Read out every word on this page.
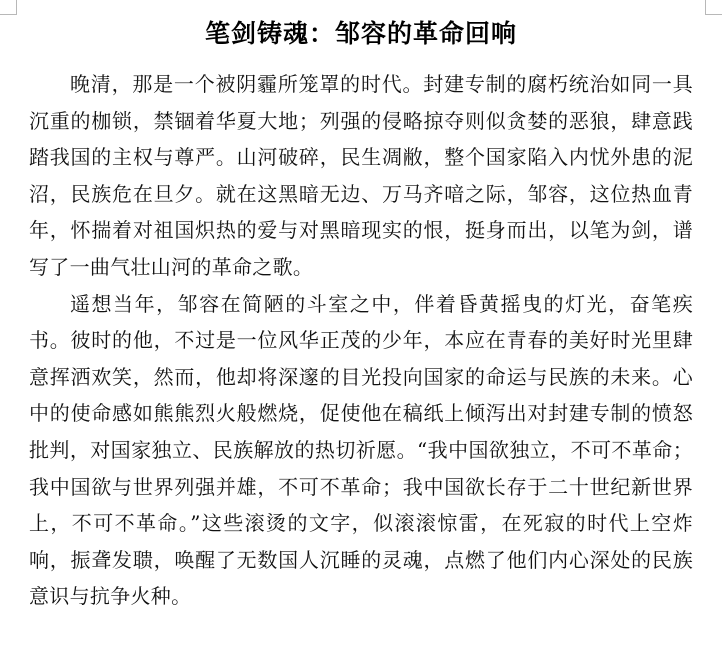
笔剑铸魂：邹容的革命回响

晚清，那是一个被阴霾所笼罩的时代。封建专制的腐朽统治如同一具沉重的枷锁，禁锢着华夏大地；列强的侵略掠夺则似贪婪的恶狼，肆意践踏我国的主权与尊严。山河破碎，民生凋敝，整个国家陷入内忧外患的泥沼，民族危在旦夕。就在这黑暗无边、万马齐喑之际，邹容，这位热血青年，怀揣着对祖国炽热的爱与对黑暗现实的恨，挺身而出，以笔为剑，谱写了一曲气壮山河的革命之歌。

遥想当年，邹容在简陋的斗室之中，伴着昏黄摇曳的灯光，奋笔疾书。彼时的他，不过是一位风华正茂的少年，本应在青春的美好时光里肆意挥洒欢笑，然而，他却将深邃的目光投向国家的命运与民族的未来。心中的使命感如熊熊烈火般燃烧，促使他在稿纸上倾泻出对封建专制的愤怒批判，对国家独立、民族解放的热切祈愿。“我中国欲独立，不可不革命；我中国欲与世界列强并雄，不可不革命；我中国欲长存于二十世纪新世界上，不可不革命。”这些滚烫的文字，似滚滚惊雷，在死寂的时代上空炸响，振聋发聩，唤醒了无数国人沉睡的灵魂，点燃了他们内心深处的民族意识与抗争火种。
